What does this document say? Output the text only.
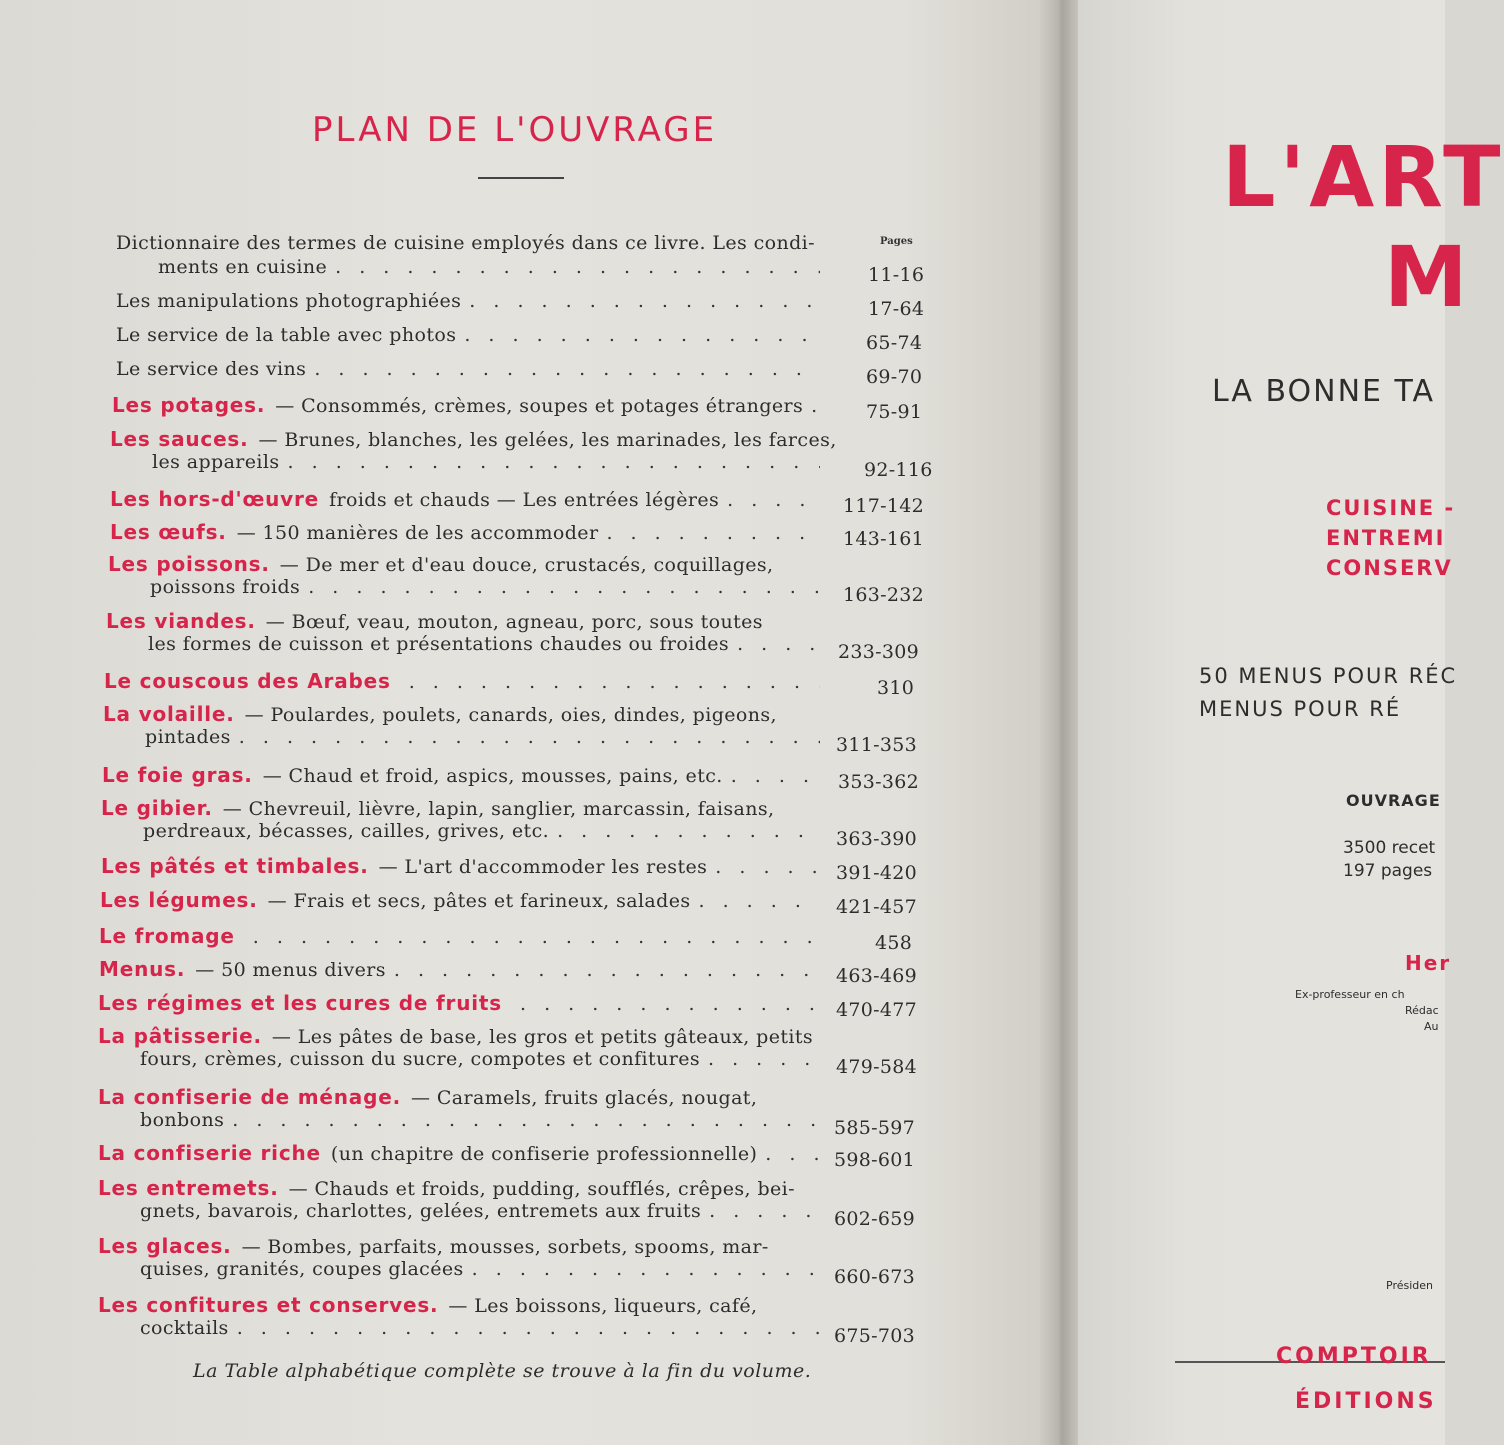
PLAN DE L'OUVRAGE
Pages
Dictionnaire des termes de cuisine employés dans ce livre. Les condi-
ments en cuisine
. . .	11-16
Les manipulations photographiées
. . .	17-64
Le service de la table avec photos
. . .	65-74
Le service des vins
. . .	69-70
Les potages. — Consommés, crèmes, soupes et potages étrangers
. . .	75-91
Les sauces. — Brunes, blanches, les gelées, les marinades, les farces,
les appareils
. . .	92-116
Les hors-d'œuvre froids et chauds — Les entrées légères
. . .	117-142
Les œufs. — 150 manières de les accommoder
. . .	143-161
Les poissons. — De mer et d'eau douce, crustacés, coquillages,
poissons froids
. . .	163-232
Les viandes. — Bœuf, veau, mouton, agneau, porc, sous toutes
les formes de cuisson et présentations chaudes ou froides
. . .	233-309
Le couscous des Arabes
. . .	310
La volaille. — Poulardes, poulets, canards, oies, dindes, pigeons,
pintades
. . .	311-353
Le foie gras. — Chaud et froid, aspics, mousses, pains, etc.
. . .	353-362
Le gibier. — Chevreuil, lièvre, lapin, sanglier, marcassin, faisans,
perdreaux, bécasses, cailles, grives, etc.
. . .	363-390
Les pâtés et timbales. — L'art d'accommoder les restes
. . .	391-420
Les légumes. — Frais et secs, pâtes et farineux, salades
. . .	421-457
Le fromage
. . .	458
Menus. — 50 menus divers
. . .	463-469
Les régimes et les cures de fruits
. . .	470-477
La pâtisserie. — Les pâtes de base, les gros et petits gâteaux, petits
fours, crèmes, cuisson du sucre, compotes et confitures
. . .	479-584
La confiserie de ménage. — Caramels, fruits glacés, nougat,
bonbons
. . .	585-597
La confiserie riche (un chapitre de confiserie professionnelle)
. . .	598-601
Les entremets. — Chauds et froids, pudding, soufflés, crêpes, bei-
gnets, bavarois, charlottes, gelées, entremets aux fruits
. . .	602-659
Les glaces. — Bombes, parfaits, mousses, sorbets, spooms, mar-
quises, granités, coupes glacées
. . .	660-673
Les confitures et conserves. — Les boissons, liqueurs, café,
cocktails
. . .	675-703
La Table alphabétique complète se trouve à la fin du volume.
L'ART
M
LA BONNE TA
CUISINE -
ENTREMI
CONSERV
50 MENUS POUR RÉC
MENUS POUR RÉ
OUVRAGE
3500 recet
197 pages
Her
Ex-professeur en ch
Rédac
Au
Présiden
COMPTOIR
ÉDITIONS
